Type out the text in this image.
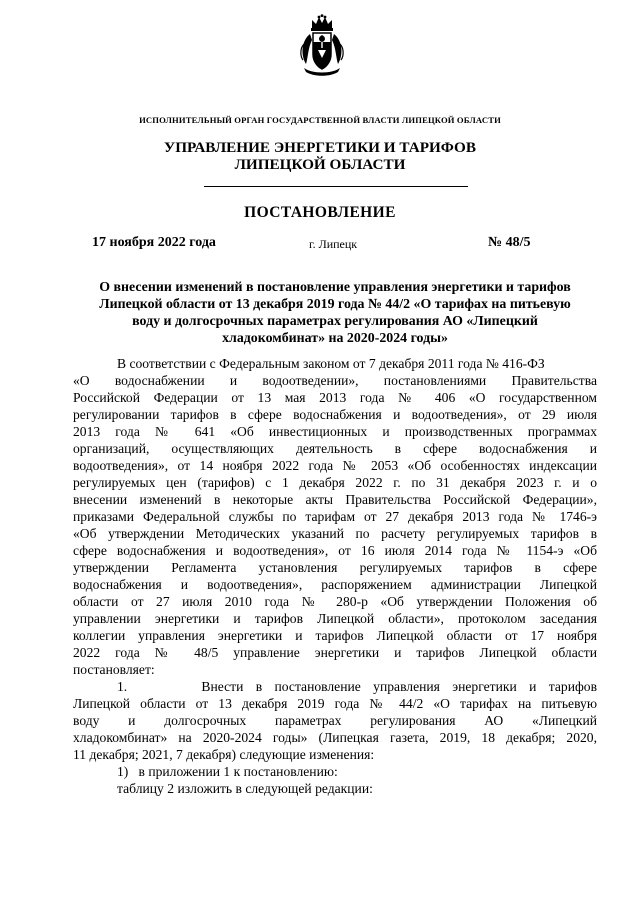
ИСПОЛНИТЕЛЬНЫЙ ОРГАН ГОСУДАРСТВЕННОЙ ВЛАСТИ ЛИПЕЦКОЙ ОБЛАСТИ
УПРАВЛЕНИЕ ЭНЕРГЕТИКИ И ТАРИФОВ
ЛИПЕЦКОЙ ОБЛАСТИ
ПОСТАНОВЛЕНИЕ
17 ноября 2022 года	г. Липецк	№ 48/5
О внесении изменений в постановление управления энергетики и тарифов
Липецкой области от 13 декабря 2019 года № 44/2 «О тарифах на питьевую
воду и долгосрочных параметрах регулирования АО «Липецкий
хладокомбинат» на 2020-2024 годы»
В соответствии с Федеральным законом от 7 декабря 2011 года № 416-ФЗ
«О водоснабжении и водоотведении», постановлениями Правительства
Российской Федерации от 13 мая 2013 года № 406 «О государственном
регулировании тарифов в сфере водоснабжения и водоотведения», от 29 июля
2013 года № 641 «Об инвестиционных и производственных программах
организаций, осуществляющих деятельность в сфере водоснабжения и
водоотведения», от 14 ноября 2022 года № 2053 «Об особенностях индексации
регулируемых цен (тарифов) с 1 декабря 2022 г. по 31 декабря 2023 г. и о
внесении изменений в некоторые акты Правительства Российской Федерации»,
приказами Федеральной службы по тарифам от 27 декабря 2013 года № 1746-э
«Об утверждении Методических указаний по расчету регулируемых тарифов в
сфере водоснабжения и водоотведения», от 16 июля 2014 года № 1154-э «Об
утверждении Регламента установления регулируемых тарифов в сфере
водоснабжения и водоотведения», распоряжением администрации Липецкой
области от 27 июля 2010 года № 280-р «Об утверждении Положения об
управлении энергетики и тарифов Липецкой области», протоколом заседания
коллегии управления энергетики и тарифов Липецкой области от 17 ноября
2022 года № 48/5 управление энергетики и тарифов Липецкой области
постановляет:
1.      Внести в постановление управления энергетики и тарифов
Липецкой области от 13 декабря 2019 года № 44/2 «О тарифах на питьевую
воду и долгосрочных параметрах регулирования АО «Липецкий
хладокомбинат» на 2020-2024 годы» (Липецкая газета, 2019, 18 декабря; 2020,
11 декабря; 2021, 7 декабря) следующие изменения:
1)   в приложении 1 к постановлению:
таблицу 2 изложить в следующей редакции:
